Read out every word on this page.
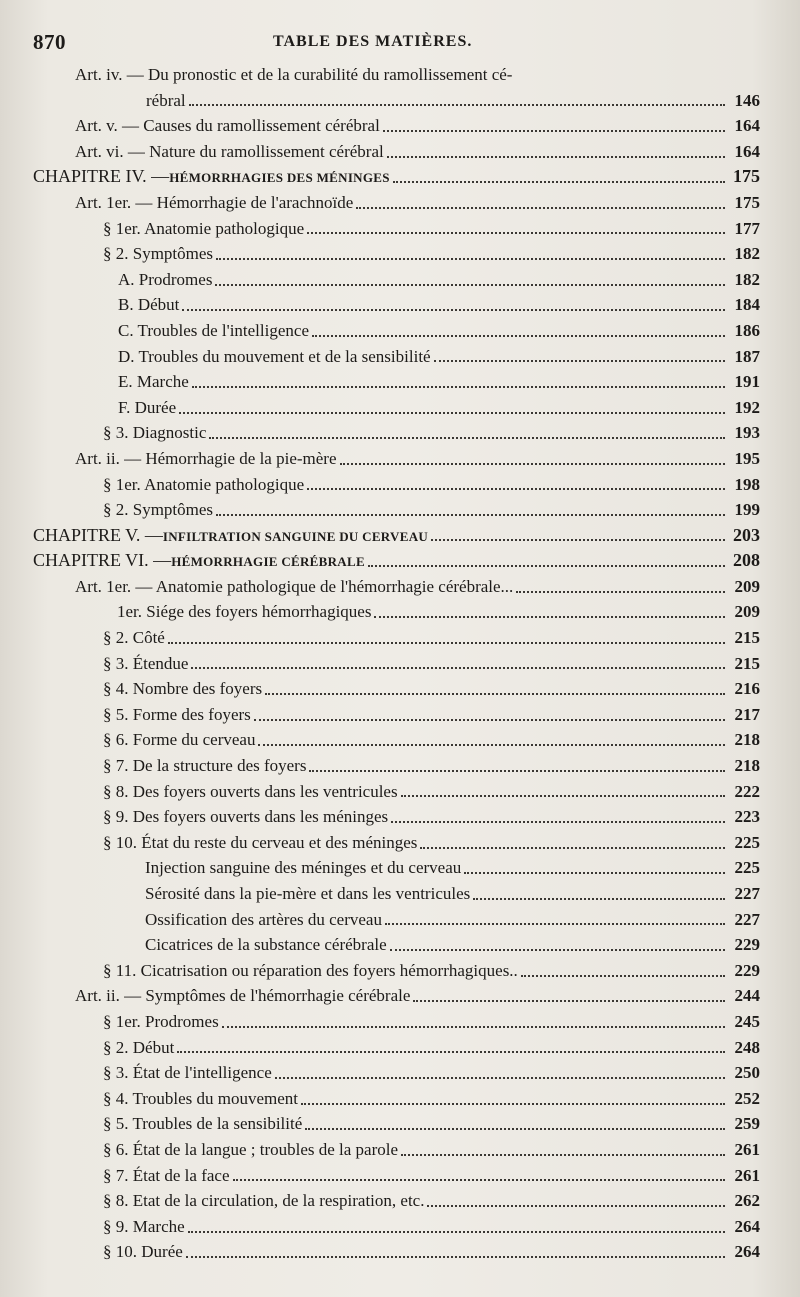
870	TABLE DES MATIÈRES.
Art. iv. — Du pronostic et de la curabilité du ramollissement cé-
rébral	146
Art. v. — Causes du ramollissement cérébral	164
Art. vi. — Nature du ramollissement cérébral	164
CHAPITRE IV. — HÉMORRHAGIES DES MÉNINGES	175
Art. 1er. — Hémorrhagie de l'arachnoïde	175
§ 1er. Anatomie pathologique	177
§ 2. Symptômes	182
A. Prodromes	182
B. Début	184
C. Troubles de l'intelligence	186
D. Troubles du mouvement et de la sensibilité	187
E. Marche	191
F. Durée	192
§ 3. Diagnostic	193
Art. ii. — Hémorrhagie de la pie-mère	195
§ 1er. Anatomie pathologique	198
§ 2. Symptômes	199
CHAPITRE V. — INFILTRATION SANGUINE DU CERVEAU	203
CHAPITRE VI. — HÉMORRHAGIE CÉRÉBRALE	208
Art. 1er. — Anatomie pathologique de l'hémorrhagie cérébrale...	209
1er. Siége des foyers hémorrhagiques	209
§ 2. Côté	215
§ 3. Étendue	215
§ 4. Nombre des foyers	216
§ 5. Forme des foyers	217
§ 6. Forme du cerveau	218
§ 7. De la structure des foyers	218
§ 8. Des foyers ouverts dans les ventricules	222
§ 9. Des foyers ouverts dans les méninges	223
§ 10. État du reste du cerveau et des méninges	225
Injection sanguine des méninges et du cerveau	225
Sérosité dans la pie-mère et dans les ventricules	227
Ossification des artères du cerveau	227
Cicatrices de la substance cérébrale	229
§ 11. Cicatrisation ou réparation des foyers hémorrhagiques..	229
Art. ii. — Symptômes de l'hémorrhagie cérébrale	244
§ 1er. Prodromes	245
§ 2. Début	248
§ 3. État de l'intelligence	250
§ 4. Troubles du mouvement	252
§ 5. Troubles de la sensibilité	259
§ 6. État de la langue ; troubles de la parole	261
§ 7. État de la face	261
§ 8. Etat de la circulation, de la respiration, etc.	262
§ 9. Marche	264
§ 10. Durée	264
